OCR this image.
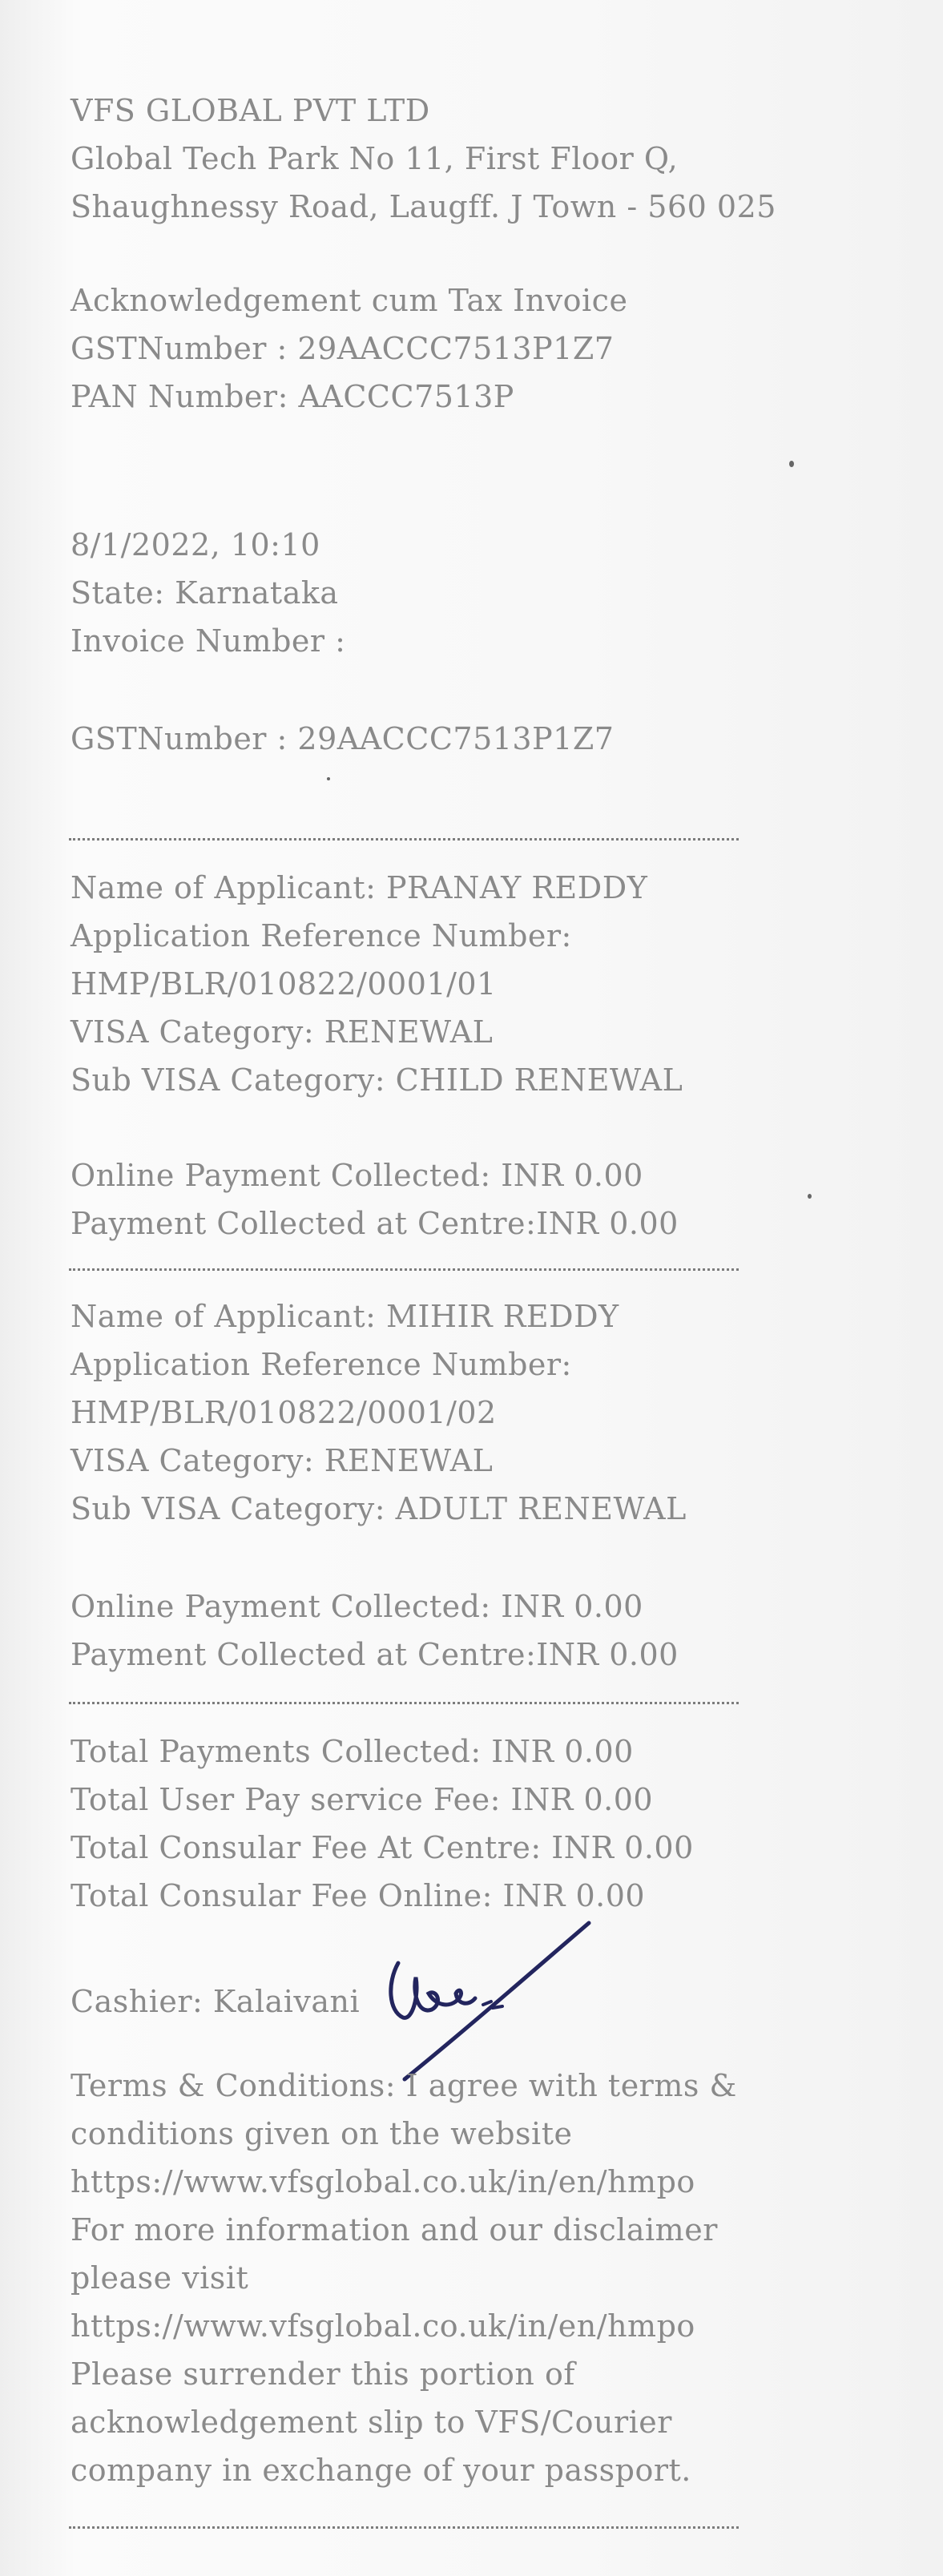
VFS GLOBAL PVT LTD
Global Tech Park No 11, First Floor Q,
Shaughnessy Road, Laugff. J Town - 560 025
Acknowledgement cum Tax Invoice
GSTNumber : 29AACCC7513P1Z7
PAN Number: AACCC7513P
8/1/2022, 10:10
State: Karnataka
Invoice Number :
GSTNumber : 29AACCC7513P1Z7
Name of Applicant: PRANAY REDDY
Application Reference Number:
HMP/BLR/010822/0001/01
VISA Category: RENEWAL
Sub VISA Category: CHILD RENEWAL
Online Payment Collected: INR 0.00
Payment Collected at Centre:INR 0.00
Name of Applicant: MIHIR REDDY
Application Reference Number:
HMP/BLR/010822/0001/02
VISA Category: RENEWAL
Sub VISA Category: ADULT RENEWAL
Online Payment Collected: INR 0.00
Payment Collected at Centre:INR 0.00
Total Payments Collected: INR 0.00
Total User Pay service Fee: INR 0.00
Total Consular Fee At Centre: INR 0.00
Total Consular Fee Online: INR 0.00
Cashier: Kalaivani
Terms & Conditions: I agree with terms &
conditions given on the website
https://www.vfsglobal.co.uk/in/en/hmpo
For more information and our disclaimer
please visit
https://www.vfsglobal.co.uk/in/en/hmpo
Please surrender this portion of
acknowledgement slip to VFS/Courier
company in exchange of your passport.
